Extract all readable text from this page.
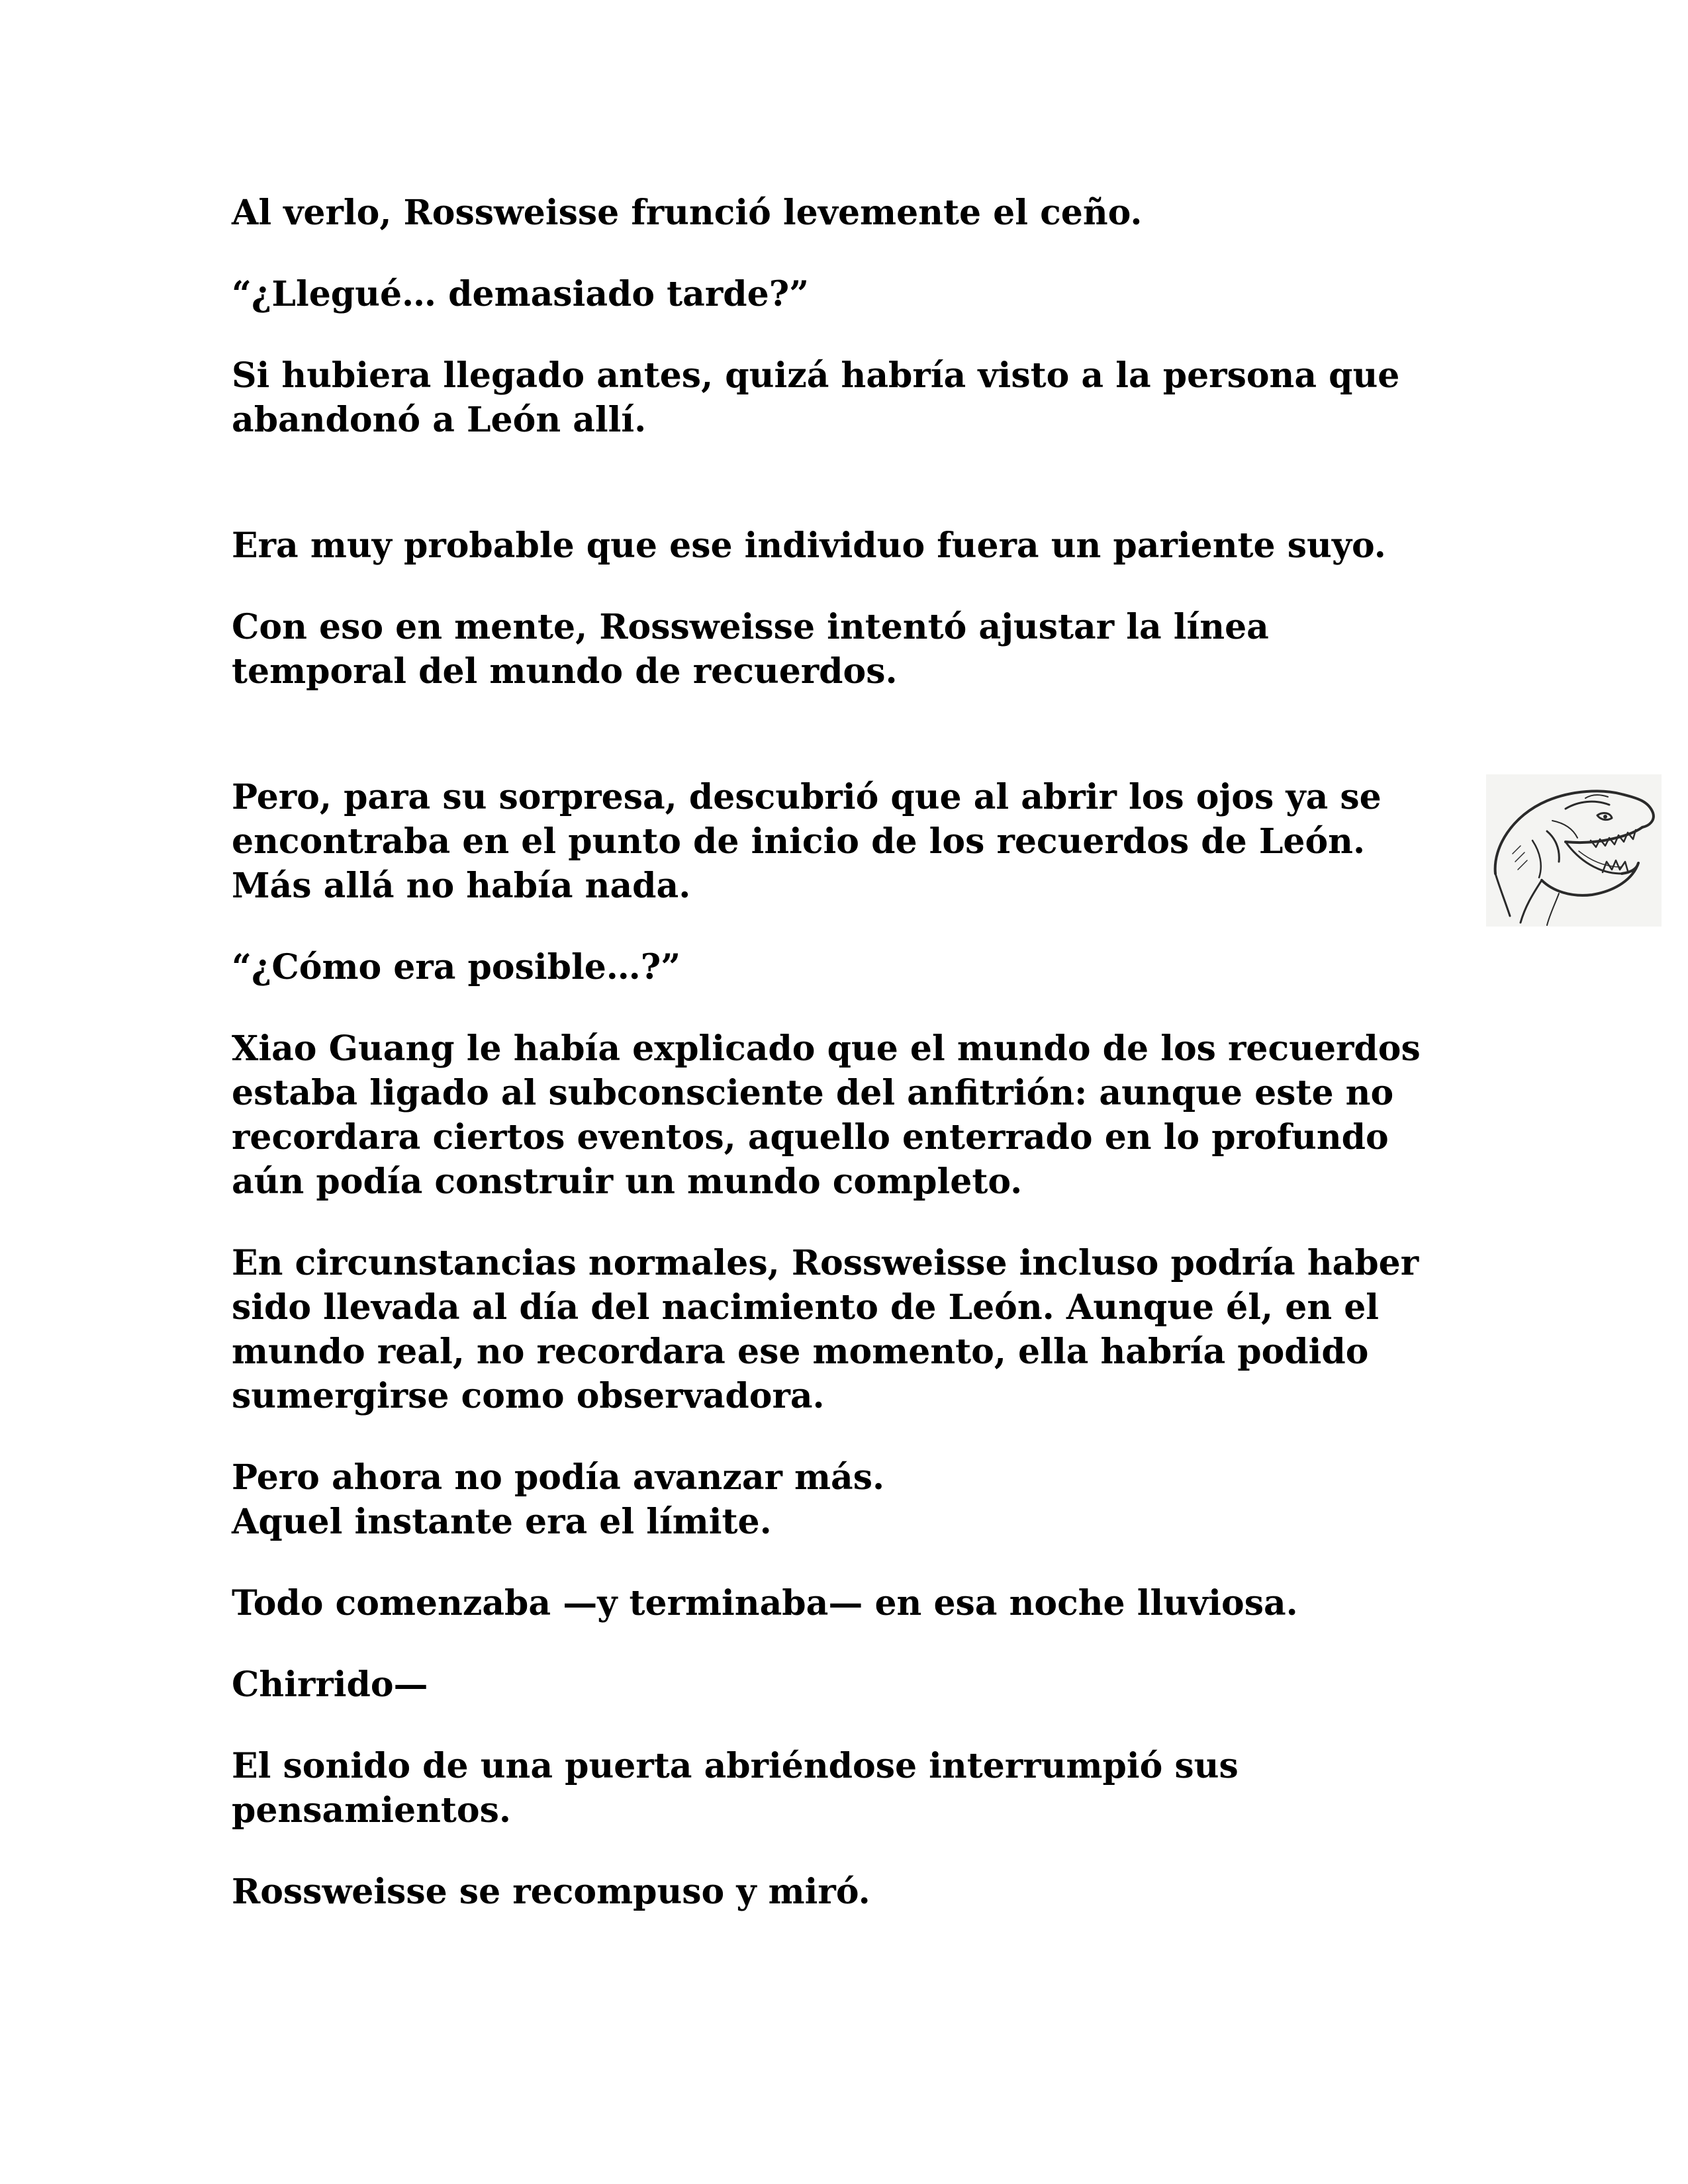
Al verlo, Rossweisse frunció levemente el ceño.

“¿Llegué… demasiado tarde?”

Si hubiera llegado antes, quizá habría visto a la persona que
abandonó a León allí.

Era muy probable que ese individuo fuera un pariente suyo.

Con eso en mente, Rossweisse intentó ajustar la línea
temporal del mundo de recuerdos.

Pero, para su sorpresa, descubrió que al abrir los ojos ya se
encontraba en el punto de inicio de los recuerdos de León.
Más allá no había nada.

“¿Cómo era posible…?”

Xiao Guang le había explicado que el mundo de los recuerdos
estaba ligado al subconsciente del anfitrión: aunque este no
recordara ciertos eventos, aquello enterrado en lo profundo
aún podía construir un mundo completo.

En circunstancias normales, Rossweisse incluso podría haber
sido llevada al día del nacimiento de León. Aunque él, en el
mundo real, no recordara ese momento, ella habría podido
sumergirse como observadora.

Pero ahora no podía avanzar más.
Aquel instante era el límite.

Todo comenzaba —y terminaba— en esa noche lluviosa.

Chirrido—

El sonido de una puerta abriéndose interrumpió sus
pensamientos.

Rossweisse se recompuso y miró.
